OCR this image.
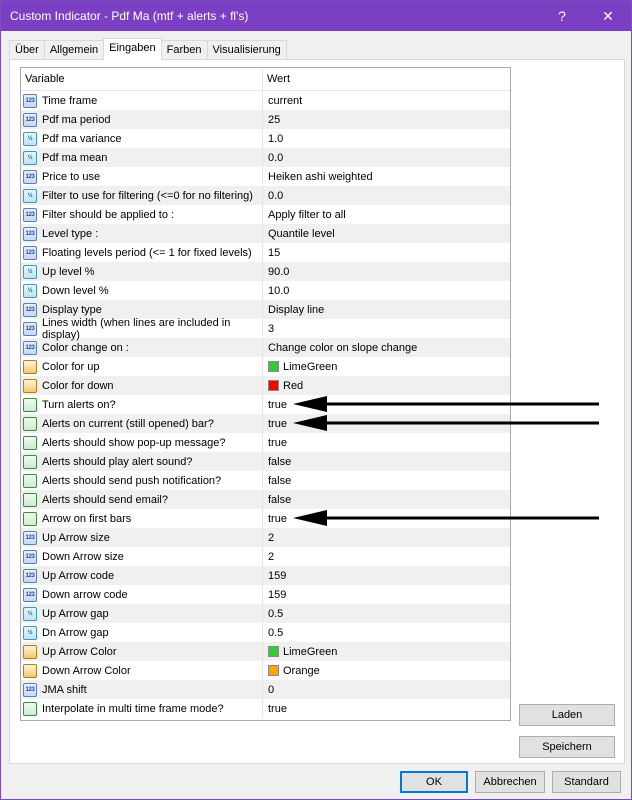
Custom Indicator - Pdf Ma (mtf + alerts + fl's)	?	✕
Über	Allgemein	Eingaben	Farben	Visualisierung
Variable	Wert
123 Time frame	current
123 Pdf ma period	25
½ Pdf ma variance	1.0
½ Pdf ma mean	0.0
123 Price to use	Heiken ashi weighted
½ Filter to use for filtering (<=0 for no filtering) 0.0
123 Filter should be applied to :	Apply filter to all
123 Level type :	Quantile level
123 Floating levels period (<= 1 for fixed levels) 15
½ Up level %	90.0
½ Down level %	10.0
123 Display type	Display line
123 Lines width (when lines are included in display)	3
123 Color change on :	Change color on slope change
Color for up	LimeGreen
Color for down	Red
Turn alerts on?	true
Alerts on current (still opened) bar?	true
Alerts should show pop-up message?	true
Alerts should play alert sound?	false
Alerts should send push notification?	false
Alerts should send email?	false
Arrow on first bars	true
123 Up Arrow size	2
123 Down Arrow size	2
123 Up Arrow code	159
123 Down arrow code	159
½ Up Arrow gap	0.5
½ Dn Arrow gap	0.5
Up Arrow Color	LimeGreen
Down Arrow Color	Orange
123 JMA shift	0
Interpolate in multi time frame mode?	true
Laden
Speichern
OK	Abbrechen	Standard
